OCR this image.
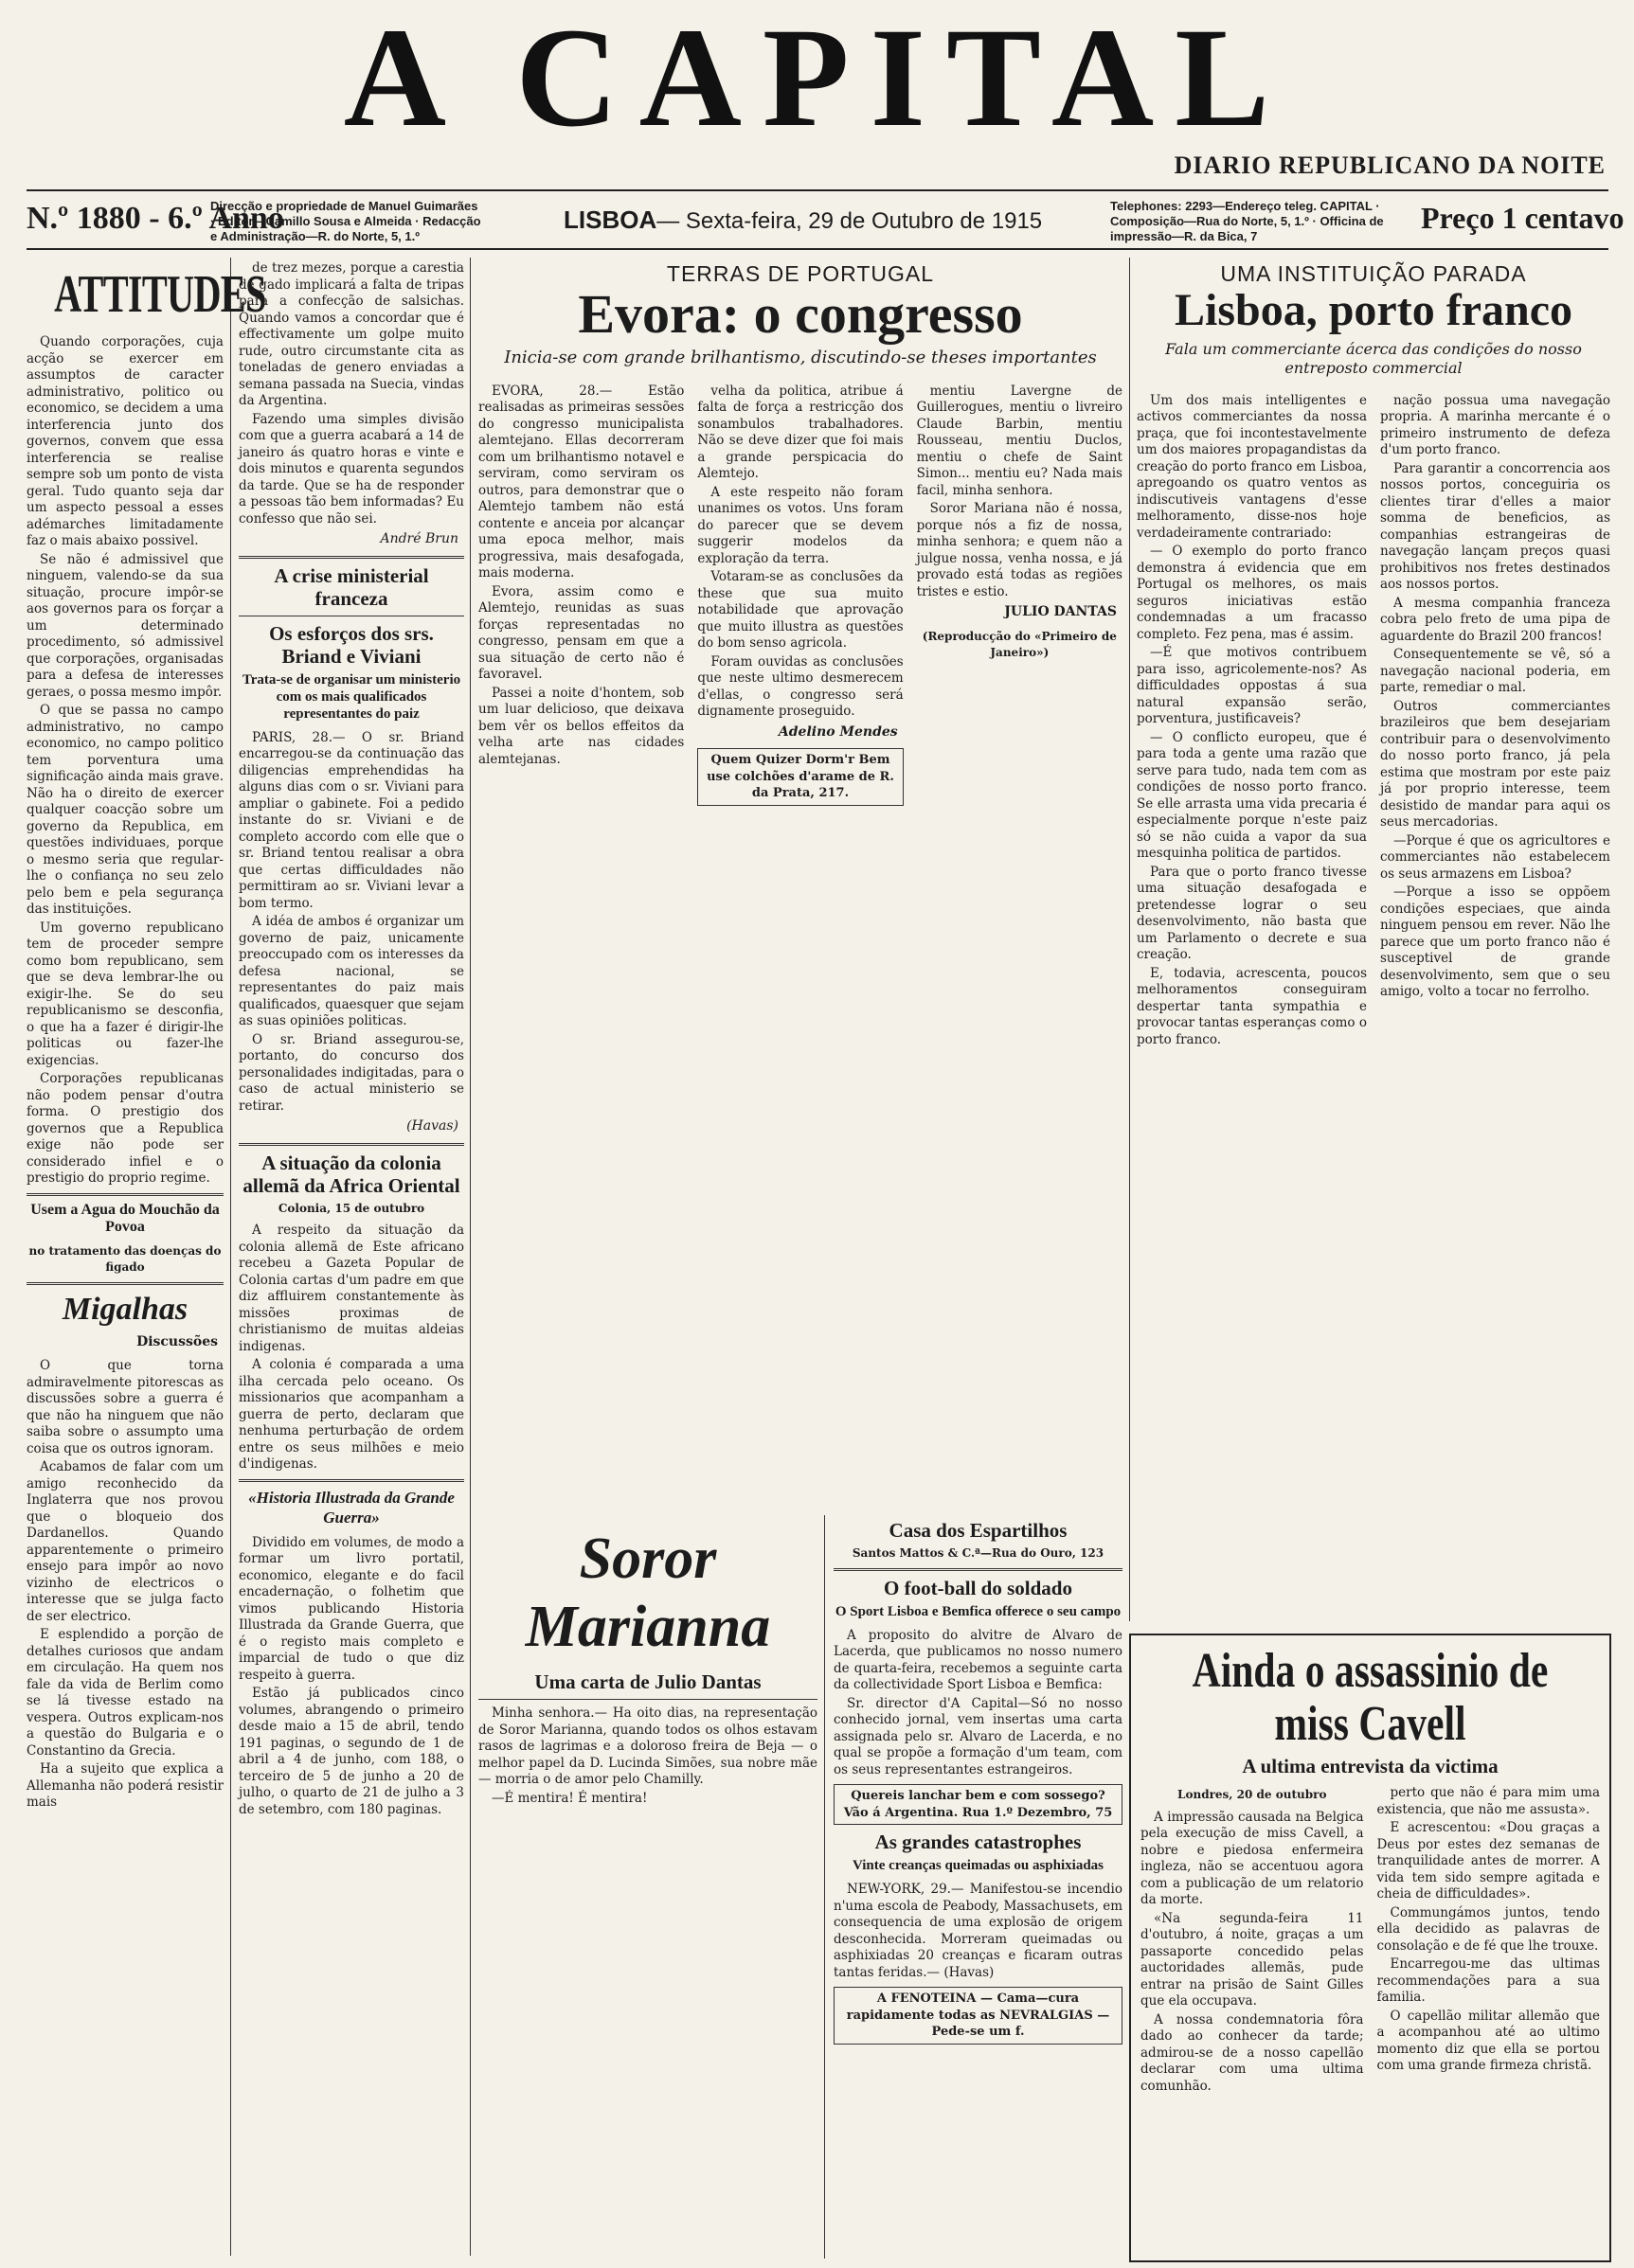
A CAPITAL
DIARIO REPUBLICANO DA NOITE
N.º 1880 - 6.º Anno
Direcção e propriedade de Manuel Guimarães · Editor—Camillo Sousa e Almeida · Redacção e Administração—R. do Norte, 5, 1.º
LISBOA— Sexta-feira, 29 de Outubro de 1915
Telephones: 2293—Endereço teleg. CAPITAL · Composição—Rua do Norte, 5, 1.º · Officina de impressão—R. da Bica, 7
Preço 1 centavo
ATTITUDES

Quando corporações, cuja acção se exercer em assumptos de caracter administrativo, politico ou economico, se decidem a uma interferencia junto dos governos, convem que essa interferencia se realise sempre sob um ponto de vista geral. Tudo quanto seja dar um aspecto pessoal a esses adémarches limitadamente faz o mais abaixo possivel.

Se não é admissivel que ninguem, valendo-se da sua situação, procure impôr-se aos governos para os forçar a um determinado procedimento, só admissivel que corporações, organisadas para a defesa de interesses geraes, o possa mesmo impôr.

O que se passa no campo administrativo, no campo economico, no campo politico tem porventura uma significação ainda mais grave. Não ha o direito de exercer qualquer coacção sobre um governo da Republica, em questões individuaes, porque o mesmo seria que regular-lhe o confiança no seu zelo pelo bem e pela segurança das instituições.

Um governo republicano tem de proceder sempre como bom republicano, sem que se deva lembrar-lhe ou exigir-lhe. Se do seu republicanismo se desconfia, o que ha a fazer é dirigir-lhe politicas ou fazer-lhe exigencias.

Corporações republicanas não podem pensar d'outra forma. O prestigio dos governos que a Republica exige não pode ser considerado infiel e o prestigio do proprio regime.

Usem a Agua do Mouchão da Povoa
no tratamento das doenças do figado
Migalhas
Discussões

O que torna admiravelmente pitorescas as discussões sobre a guerra é que não ha ninguem que não saiba sobre o assumpto uma coisa que os outros ignoram.

Acabamos de falar com um amigo reconhecido da Inglaterra que nos provou que o bloqueio dos Dardanellos. Quando apparentemente o primeiro ensejo para impôr ao novo vizinho de electricos o interesse que se julga facto de ser electrico.

E esplendido a porção de detalhes curiosos que andam em circulação. Ha quem nos fale da vida de Berlim como se lá tivesse estado na vespera. Outros explicam-nos a questão do Bulgaria e o Constantino da Grecia.

Ha a sujeito que explica a Allemanha não poderá resistir mais

de trez mezes, porque a carestia de gado implicará a falta de tripas para a confecção de salsichas. Quando vamos a concordar que é effectivamente um golpe muito rude, outro circumstante cita as toneladas de genero enviadas a semana passada na Suecia, vindas da Argentina.

Fazendo uma simples divisão com que a guerra acabará a 14 de janeiro ás quatro horas e vinte e dois minutos e quarenta segundos da tarde. Que se ha de responder a pessoas tão bem informadas? Eu confesso que não sei.

André Brun
A crise ministerial franceza
Os esforços dos srs. Briand e Viviani
Trata-se de organisar um ministerio com os mais qualificados representantes do paiz

PARIS, 28.— O sr. Briand encarregou-se da continuação das diligencias emprehendidas ha alguns dias com o sr. Viviani para ampliar o gabinete. Foi a pedido instante do sr. Viviani e de completo accordo com elle que o sr. Briand tentou realisar a obra que certas difficuldades não permittiram ao sr. Viviani levar a bom termo.

A idéa de ambos é organizar um governo de paiz, unicamente preoccupado com os interesses da defesa nacional, se representantes do paiz mais qualificados, quaesquer que sejam as suas opiniões politicas.

O sr. Briand assegurou-se, portanto, do concurso dos personalidades indigitadas, para o caso de actual ministerio se retirar.

(Havas)
A situação da colonia allemã da Africa Oriental
Colonia, 15 de outubro

A respeito da situação da colonia allemã de Este africano recebeu a Gazeta Popular de Colonia cartas d'um padre em que diz affluirem constantemente às missões proximas de christianismo de muitas aldeias indigenas.

A colonia é comparada a uma ilha cercada pelo oceano. Os missionarios que acompanham a guerra de perto, declaram que nenhuma perturbação de ordem entre os seus milhões e meio d'indigenas.

«Historia Illustrada da Grande Guerra»

Dividido em volumes, de modo a formar um livro portatil, economico, elegante e do facil encadernação, o folhetim que vimos publicando Historia Illustrada da Grande Guerra, que é o registo mais completo e imparcial de tudo o que diz respeito à guerra.

Estão já publicados cinco volumes, abrangendo o primeiro desde maio a 15 de abril, tendo 191 paginas, o segundo de 1 de abril a 4 de junho, com 188, o terceiro de 5 de junho a 20 de julho, o quarto de 21 de julho a 3 de setembro, com 180 paginas.

TERRAS DE PORTUGAL
Evora: o congresso
Inicia-se com grande brilhantismo, discutindo-se theses importantes

EVORA, 28.— Estão realisadas as primeiras sessões do congresso municipalista alemtejano. Ellas decorreram com um brilhantismo notavel e serviram, como serviram os outros, para demonstrar que o Alemtejo tambem não está contente e anceia por alcançar uma epoca melhor, mais progressiva, mais desafogada, mais moderna.

Evora, assim como e Alemtejo, reunidas as suas forças representadas no congresso, pensam em que a sua situação de certo não é favoravel.

Passei a noite d'hontem, sob um luar delicioso, que deixava bem vêr os bellos effeitos da velha arte nas cidades alemtejanas.

velha da politica, atribue á falta de força a restricção dos sonambulos trabalhadores. Não se deve dizer que foi mais a grande perspicacia do Alemtejo.

A este respeito não foram unanimes os votos. Uns foram do parecer que se devem suggerir modelos da exploração da terra.

Votaram-se as conclusões da these que sua muito notabilidade que aprovação que muito illustra as questões do bom senso agricola.

Foram ouvidas as conclusões que neste ultimo desmerecem d'ellas, o congresso será dignamente proseguido.

Adelino Mendes
Quem Quizer Dorm'r Bem use colchões d'arame de R. da Prata, 217.

mentiu Lavergne de Guillerogues, mentiu o livreiro Claude Barbin, mentiu Rousseau, mentiu Duclos, mentiu o chefe de Saint Simon... mentiu eu? Nada mais facil, minha senhora.

Soror Mariana não é nossa, porque nós a fiz de nossa, minha senhora; e quem não a julgue nossa, venha nossa, e já provado está todas as regiões tristes e estio.

JULIO DANTAS
(Reproducção do «Primeiro de Janeiro»)
Soror Marianna
Uma carta de Julio Dantas

Minha senhora.— Ha oito dias, na representação de Soror Marianna, quando todos os olhos estavam rasos de lagrimas e a doloroso freira de Beja — o melhor papel da D. Lucinda Simões, sua nobre mãe — morria o de amor pelo Chamilly.

—É mentira! É mentira!

Casa dos Espartilhos
Santos Mattos & C.ª—Rua do Ouro, 123
O foot-ball do soldado
O Sport Lisboa e Bemfica offerece o seu campo

A proposito do alvitre de Alvaro de Lacerda, que publicamos no nosso numero de quarta-feira, recebemos a seguinte carta da collectividade Sport Lisboa e Bemfica:

Sr. director d'A Capital—Só no nosso conhecido jornal, vem insertas uma carta assignada pelo sr. Alvaro de Lacerda, e no qual se propõe a formação d'um team, com os seus representantes estrangeiros.

Quereis lanchar bem e com sossego? Vão á Argentina. Rua 1.º Dezembro, 75
As grandes catastrophes
Vinte creanças queimadas ou asphixiadas

NEW-YORK, 29.— Manifestou-se incendio n'uma escola de Peabody, Massachusets, em consequencia de uma explosão de origem desconhecida. Morreram queimadas ou asphixiadas 20 creanças e ficaram outras tantas feridas.— (Havas)

A FENOTEINA — Cama—cura rapidamente todas as NEVRALGIAS —Pede-se um f.
UMA INSTITUIÇÃO PARADA
Lisboa, porto franco
Fala um commerciante ácerca das condições do nosso entreposto commercial

Um dos mais intelligentes e activos commerciantes da nossa praça, que foi incontestavelmente um dos maiores propagandistas da creação do porto franco em Lisboa, apregoando os quatro ventos as indiscutiveis vantagens d'esse melhoramento, disse-nos hoje verdadeiramente contrariado:

— O exemplo do porto franco demonstra á evidencia que em Portugal os melhores, os mais seguros iniciativas estão condemnadas a um fracasso completo. Fez pena, mas é assim.

—É que motivos contribuem para isso, agricolemente-nos? As difficuldades oppostas á sua natural expansão serão, porventura, justificaveis?

— O conflicto europeu, que é para toda a gente uma razão que serve para tudo, nada tem com as condições de nosso porto franco. Se elle arrasta uma vida precaria é especialmente porque n'este paiz só se não cuida a vapor da sua mesquinha politica de partidos.

Para que o porto franco tivesse uma situação desafogada e pretendesse lograr o seu desenvolvimento, não basta que um Parlamento o decrete e sua creação.

E, todavia, acrescenta, poucos melhoramentos conseguiram despertar tanta sympathia e provocar tantas esperanças como o porto franco.

nação possua uma navegação propria. A marinha mercante é o primeiro instrumento de defeza d'um porto franco.

Para garantir a concorrencia aos nossos portos, conceguiria os clientes tirar d'elles a maior somma de beneficios, as companhias estrangeiras de navegação lançam preços quasi prohibitivos nos fretes destinados aos nossos portos.

A mesma companhia franceza cobra pelo freto de uma pipa de aguardente do Brazil 200 francos!

Consequentemente se vê, só a navegação nacional poderia, em parte, remediar o mal.

Outros commerciantes brazileiros que bem desejariam contribuir para o desenvolvimento do nosso porto franco, já pela estima que mostram por este paiz já por proprio interesse, teem desistido de mandar para aqui os seus mercadorias.

—Porque é que os agricultores e commerciantes não estabelecem os seus armazens em Lisboa?

—Porque a isso se oppõem condições especiaes, que ainda ninguem pensou em rever. Não lhe parece que um porto franco não é susceptivel de grande desenvolvimento, sem que o seu amigo, volto a tocar no ferrolho.

Ainda o assassinio de miss Cavell
A ultima entrevista da victima
Londres, 20 de outubro

A impressão causada na Belgica pela execução de miss Cavell, a nobre e piedosa enfermeira ingleza, não se accentuou agora com a publicação de um relatorio da morte.

«Na segunda-feira 11 d'outubro, á noite, graças a um passaporte concedido pelas auctoridades allemãs, pude entrar na prisão de Saint Gilles que ela occupava.

A nossa condemnatoria fôra dado ao conhecer da tarde; admirou-se de a nosso capellão declarar com uma ultima comunhão.

perto que não é para mim uma existencia, que não me assusta».

E acrescentou: «Dou graças a Deus por estes dez semanas de tranquilidade antes de morrer. A vida tem sido sempre agitada e cheia de difficuldades».

Commungámos juntos, tendo ella decidido as palavras de consolação e de fé que lhe trouxe.

Encarregou-me das ultimas recommendações para a sua familia.

O capellão militar allemão que a acompanhou até ao ultimo momento diz que ella se portou com uma grande firmeza christã.
